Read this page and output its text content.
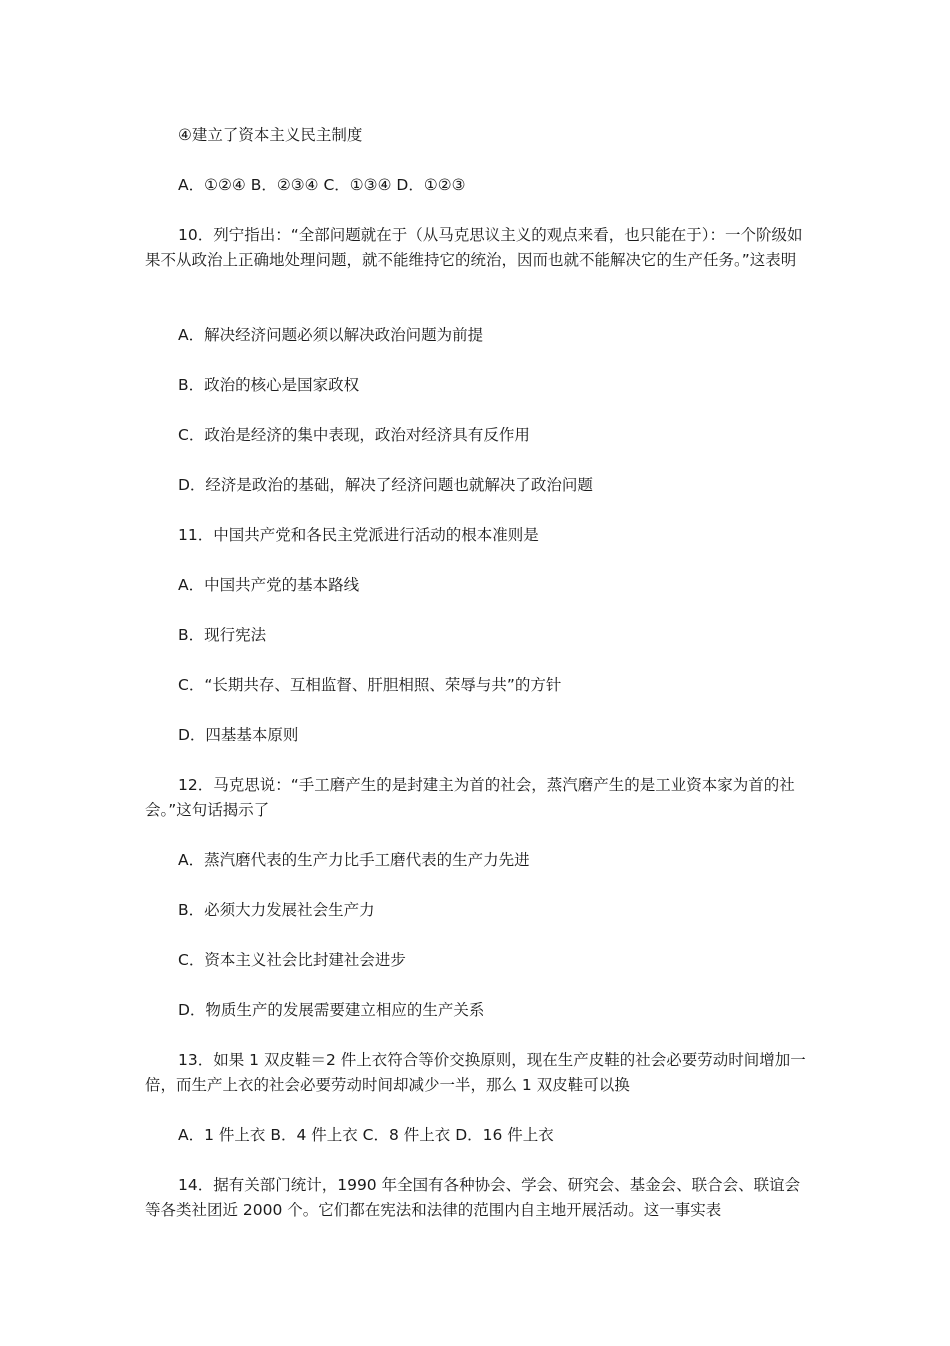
④建立了资本主义民主制度

A．①②④ B．②③④ C．①③④ D．①②③

10．列宁指出：“全部问题就在于（从马克思议主义的观点来看，也只能在于）：一个阶级如果不从政治上正确地处理问题，就不能维持它的统治，因而也就不能解决它的生产任务。”这表明

A．解决经济问题必须以解决政治问题为前提

B．政治的核心是国家政权

C．政治是经济的集中表现，政治对经济具有反作用

D．经济是政治的基础，解决了经济问题也就解决了政治问题

11．中国共产党和各民主党派进行活动的根本准则是

A．中国共产党的基本路线

B．现行宪法

C．“长期共存、互相监督、肝胆相照、荣辱与共”的方针

D．四基基本原则

12．马克思说：“手工磨产生的是封建主为首的社会，蒸汽磨产生的是工业资本家为首的社会。”这句话揭示了

A．蒸汽磨代表的生产力比手工磨代表的生产力先进

B．必须大力发展社会生产力

C．资本主义社会比封建社会进步

D．物质生产的发展需要建立相应的生产关系

13．如果 1 双皮鞋＝2 件上衣符合等价交换原则，现在生产皮鞋的社会必要劳动时间增加一倍，而生产上衣的社会必要劳动时间却减少一半，那么 1 双皮鞋可以换

A．1 件上衣 B．4 件上衣 C．8 件上衣 D．16 件上衣

14．据有关部门统计，1990 年全国有各种协会、学会、研究会、基金会、联合会、联谊会等各类社团近 2000 个。它们都在宪法和法律的范围内自主地开展活动。这一事实表
